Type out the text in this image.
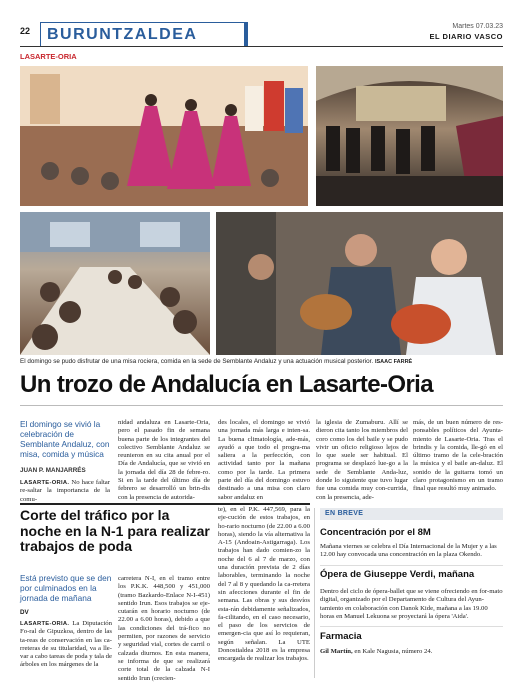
22	BURUNTZALDEA	Martes 07.03.23
EL DIARIO VASCO
LASARTE-ORIA
El domingo se pudo disfrutar de una misa rociera, comida en la sede de Semblante Andaluz y una actuación musical posterior. ISAAC FARRÉ
Un trozo de Andalucía en Lasarte-Oria
El domingo se vivió la celebración de Semblante Andaluz, con misa, comida y música
JUAN P. MANJARRÉS
LASARTE-ORIA. No hace faltar re-saltar la importancia de la comu-
nidad andaluza en Lasarte-Oria, pero el pasado fin de semana buena parte de los integrantes del colectivo Semblante Andaluz se reunieron en su cita anual por el Día de Andalucía, que se vivió en la jornada del día 28 de febre-ro. Si en la tarde del último día de febrero se desarrolló un brin-dis con la presencia de autorida-
des locales, el domingo se vivió una jornada más larga e inten-sa. La buena climatología, ade-más, ayudó a que todo el progra-ma saliera a la perfección, con actividad tanto por la mañana como por la tarde. La primera parte del día del domingo estuvo destinado a una misa con claro sabor andaluz en
la iglesia de Zumaburu. Allí se dieron cita tanto los miembros del coro como los del baile y se pudo vivir un oficio religioso lejos de lo que suele ser habitual. El programa se desplazó lue-go a la sede de Semblante Anda-luz, donde lo siguiente que tuvo lugar fue una comida muy con-currida, con la presencia, ade-
más, de un buen número de res-ponsables políticos del Ayunta-miento de Lasarte-Oria. Tras el brindis y la comida, lle-gó en el último tramo de la cele-bración la música y el baile an-daluz. El sonido de la guitarra tomó un claro protagonismo en un tramo final que resultó muy animado.
Corte del tráfico por la noche en la N-1 para realizar trabajos de poda
Está previsto que se den por culminados en la jornada de mañana
DV
LASARTE-ORIA. La Diputación Fo-ral de Gipuzkoa, dentro de las ta-reas de conservación en las ca-rreteras de su titularidad, va a lle-var a cabo tareas de poda y tala de árboles en los márgenes de la
carretera N-I, en el tramo entre los P.K.K. 448,500 y 451,000 (tramo Bazkardo-Enlace N-I-451) sentido Irun. Esos trabajos se eje-cutarán en horario nocturno (de 22.00 a 6.00 horas), debido a que las condiciones del trá-fico no permiten, por razones de servicio y seguridad vial, cortes de carril o calzada diurnos. En esta manera, se informa de que se realizará corte total de la calzada N-I sentido Irun (crecien-
te), en el P.K. 447,569, para la eje-cución de estos trabajos, en ho-rario nocturno (de 22.00 a 6.00 horas), siendo la vía alternativa la A-15 (Andoain-Astigarraga). Los trabajos han dado comien-zo la noche del 6 al 7 de marzo, con una duración prevista de 2 días laborables, terminando la noche del 7 al 8 y quedando la ca-rretera sin afecciones durante el fin de semana. Las obras y sus desvíos esta-rán debidamente señalizados, fa-cilitando, en el caso necesario, el paso de los servicios de emergen-cia que así lo requieran, según señalan. La UTE Donostialdea 2018 es la empresa encargada de realizar los trabajos.
EN BREVE
Concentración por el 8M
Mañana viernes se celebra el Día Internacional de la Mujer y a las 12.00 hay convocada una concentración en la plaza Okendo.
Ópera de Giuseppe Verdi, mañana
Dentro del ciclo de ópera-ballet que se viene ofreciendo en for-mato digital, organizado por el Departamento de Cultura del Ayun-tamiento en colaboración con Danok Kide, mañana a las 19.00 horas en Manuel Lekuona se proyectará la ópera 'Aida'.
Farmacia
Gil Martín, en Kale Nagusia, número 24.
